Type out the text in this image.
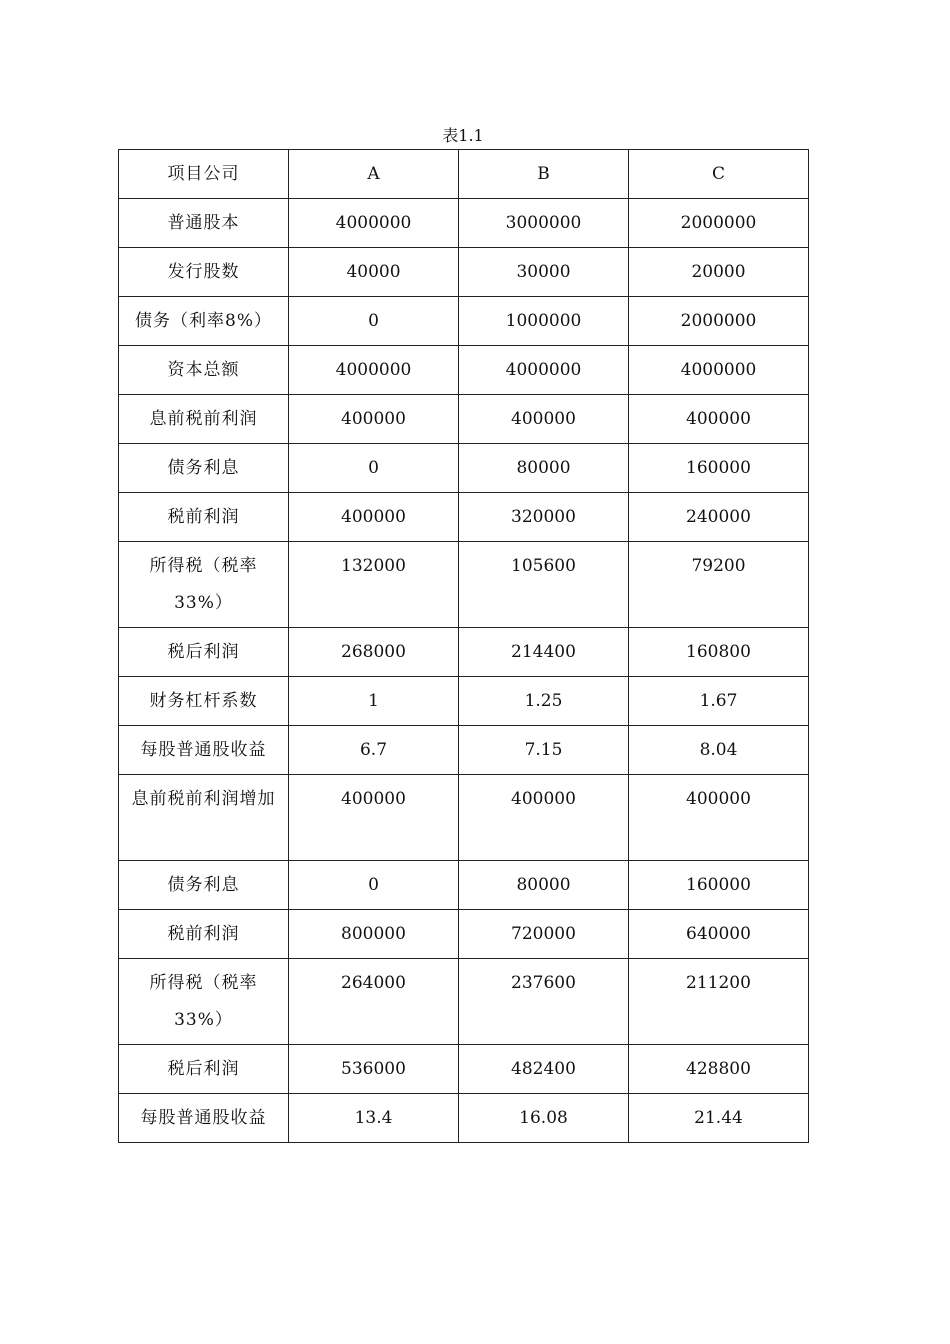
表1.1
项目公司	A	B	C
普通股本	4000000	3000000	2000000
发行股数	40000	30000	20000
债务（利率8%）	0	1000000	2000000
资本总额	4000000	4000000	4000000
息前税前利润	400000	400000	400000
债务利息	0	80000	160000
税前利润	400000	320000	240000
所得税（税率33%）	132000	105600	79200
税后利润	268000	214400	160800
财务杠杆系数	1	1.25	1.67
每股普通股收益	6.7	7.15	8.04
息前税前利润增加	400000	400000	400000
债务利息	0	80000	160000
税前利润	800000	720000	640000
所得税（税率33%）	264000	237600	211200
税后利润	536000	482400	428800
每股普通股收益	13.4	16.08	21.44
